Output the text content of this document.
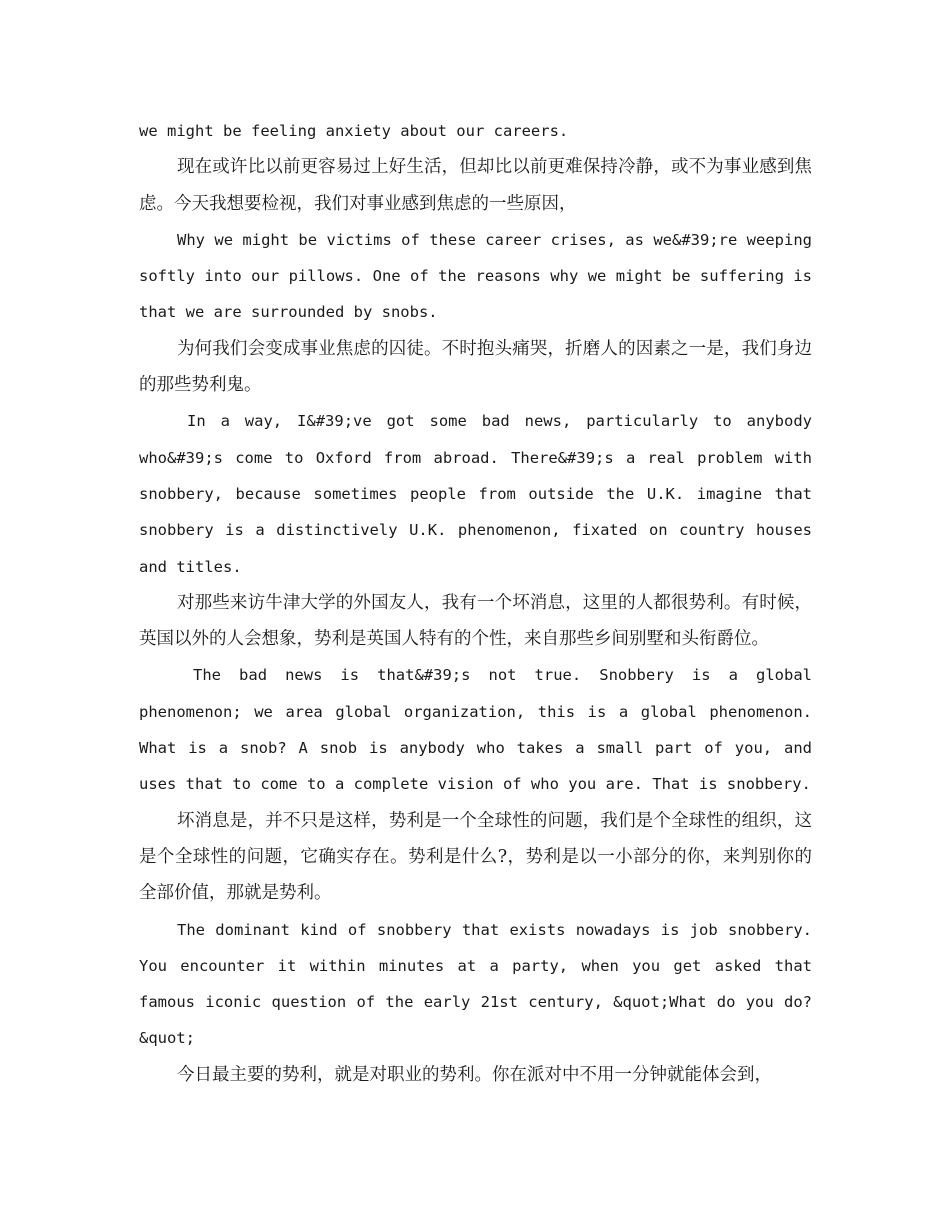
we might be feeling anxiety about our careers.

现在或许比以前更容易过上好生活，但却比以前更难保持冷静，或不为事业感到焦虑。今天我想要检视，我们对事业感到焦虑的一些原因，

Why we might be victims of these career crises, as we&#39;re weeping softly into our pillows. One of the reasons why we might be suffering is that we are surrounded by snobs.

为何我们会变成事业焦虑的囚徒。不时抱头痛哭，折磨人的因素之一是，我们身边的那些势利鬼。

In a way, I&#39;ve got some bad news, particularly to anybody who&#39;s come to Oxford from abroad. There&#39;s a real problem with snobbery, because sometimes people from outside the U.K. imagine that snobbery is a distinctively U.K. phenomenon, fixated on country houses and titles.

对那些来访牛津大学的外国友人，我有一个坏消息，这里的人都很势利。有时候，英国以外的人会想象，势利是英国人特有的个性，来自那些乡间别墅和头衔爵位。

The bad news is that&#39;s not true. Snobbery is a global phenomenon; we area global organization, this is a global phenomenon. What is a snob? A snob is anybody who takes a small part of you, and uses that to come to a complete vision of who you are. That is snobbery.

坏消息是，并不只是这样，势利是一个全球性的问题，我们是个全球性的组织，这是个全球性的问题，它确实存在。势利是什么?，势利是以一小部分的你，来判别你的全部价值，那就是势利。

The dominant kind of snobbery that exists nowadays is job snobbery. You encounter it within minutes at a party, when you get asked that famous iconic question of the early 21st century, &quot;What do you do? &quot;

今日最主要的势利，就是对职业的势利。你在派对中不用一分钟就能体会到，
